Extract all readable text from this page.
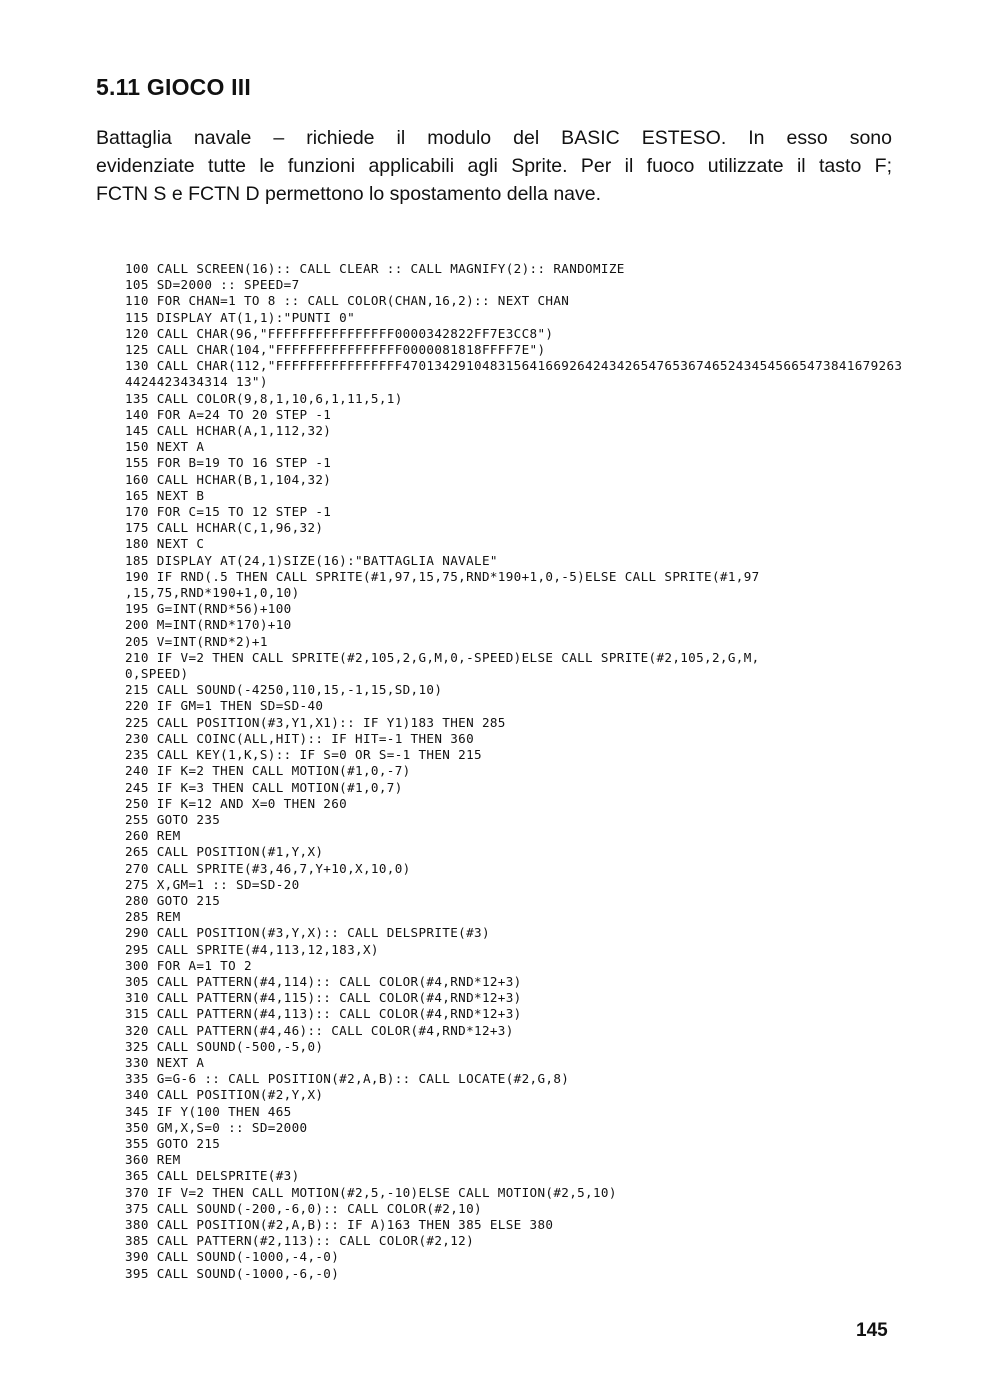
5.11 GIOCO III
Battaglia navale – richiede il modulo del BASIC ESTESO. In esso sono
evidenziate tutte le funzioni applicabili agli Sprite. Per il fuoco utilizzate il tasto F;
FCTN S e FCTN D permettono lo spostamento della nave.
100 CALL SCREEN(16):: CALL CLEAR :: CALL MAGNIFY(2):: RANDOMIZE
105 SD=2000 :: SPEED=7
110 FOR CHAN=1 TO 8 :: CALL COLOR(CHAN,16,2):: NEXT CHAN
115 DISPLAY AT(1,1):"PUNTI 0"
120 CALL CHAR(96,"FFFFFFFFFFFFFFFF0000342822FF7E3CC8")
125 CALL CHAR(104,"FFFFFFFFFFFFFFFF0000081818FFFF7E")
130 CALL CHAR(112,"FFFFFFFFFFFFFFFF4701342910483156416692642434265476536746524345456654738416792634424423434314 13")
135 CALL COLOR(9,8,1,10,6,1,11,5,1)
140 FOR A=24 TO 20 STEP -1
145 CALL HCHAR(A,1,112,32)
150 NEXT A
155 FOR B=19 TO 16 STEP -1
160 CALL HCHAR(B,1,104,32)
165 NEXT B
170 FOR C=15 TO 12 STEP -1
175 CALL HCHAR(C,1,96,32)
180 NEXT C
185 DISPLAY AT(24,1)SIZE(16):"BATTAGLIA NAVALE"
190 IF RND(.5 THEN CALL SPRITE(#1,97,15,75,RND*190+1,0,-5)ELSE CALL SPRITE(#1,97
,15,75,RND*190+1,0,10)
195 G=INT(RND*56)+100
200 M=INT(RND*170)+10
205 V=INT(RND*2)+1
210 IF V=2 THEN CALL SPRITE(#2,105,2,G,M,0,-SPEED)ELSE CALL SPRITE(#2,105,2,G,M,
0,SPEED)
215 CALL SOUND(-4250,110,15,-1,15,SD,10)
220 IF GM=1 THEN SD=SD-40
225 CALL POSITION(#3,Y1,X1):: IF Y1)183 THEN 285
230 CALL COINC(ALL,HIT):: IF HIT=-1 THEN 360
235 CALL KEY(1,K,S):: IF S=0 OR S=-1 THEN 215
240 IF K=2 THEN CALL MOTION(#1,0,-7)
245 IF K=3 THEN CALL MOTION(#1,0,7)
250 IF K=12 AND X=0 THEN 260
255 GOTO 235
260 REM
265 CALL POSITION(#1,Y,X)
270 CALL SPRITE(#3,46,7,Y+10,X,10,0)
275 X,GM=1 :: SD=SD-20
280 GOTO 215
285 REM
290 CALL POSITION(#3,Y,X):: CALL DELSPRITE(#3)
295 CALL SPRITE(#4,113,12,183,X)
300 FOR A=1 TO 2
305 CALL PATTERN(#4,114):: CALL COLOR(#4,RND*12+3)
310 CALL PATTERN(#4,115):: CALL COLOR(#4,RND*12+3)
315 CALL PATTERN(#4,113):: CALL COLOR(#4,RND*12+3)
320 CALL PATTERN(#4,46):: CALL COLOR(#4,RND*12+3)
325 CALL SOUND(-500,-5,0)
330 NEXT A
335 G=G-6 :: CALL POSITION(#2,A,B):: CALL LOCATE(#2,G,8)
340 CALL POSITION(#2,Y,X)
345 IF Y(100 THEN 465
350 GM,X,S=0 :: SD=2000
355 GOTO 215
360 REM
365 CALL DELSPRITE(#3)
370 IF V=2 THEN CALL MOTION(#2,5,-10)ELSE CALL MOTION(#2,5,10)
375 CALL SOUND(-200,-6,0):: CALL COLOR(#2,10)
380 CALL POSITION(#2,A,B):: IF A)163 THEN 385 ELSE 380
385 CALL PATTERN(#2,113):: CALL COLOR(#2,12)
390 CALL SOUND(-1000,-4,-0)
395 CALL SOUND(-1000,-6,-0)
145
